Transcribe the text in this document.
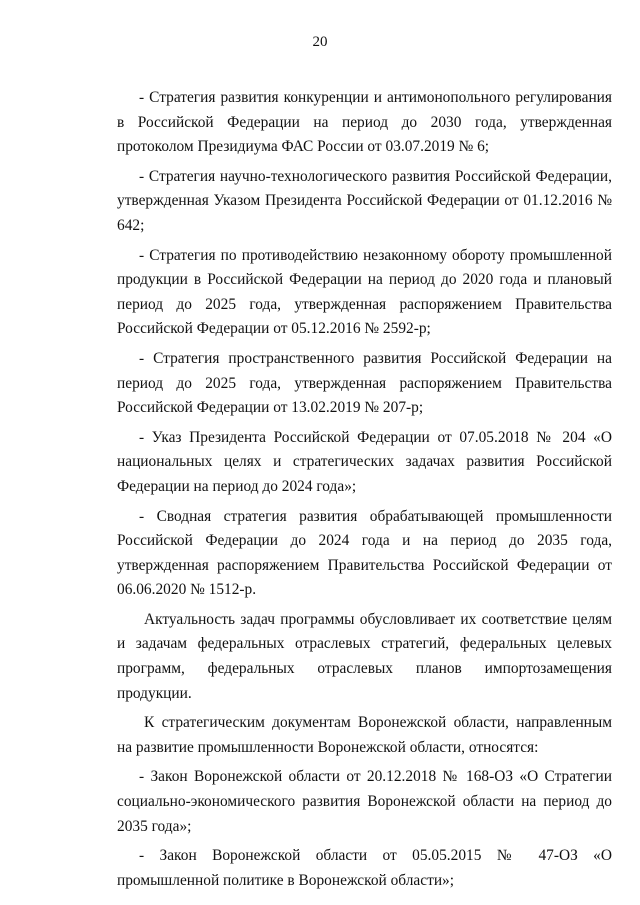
20

- Стратегия развития конкуренции и антимонопольного регулирования в Российской Федерации на период до 2030 года, утвержденная протоколом Президиума ФАС России от 03.07.2019 № 6;

- Стратегия научно-технологического развития Российской Федерации, утвержденная Указом Президента Российской Федерации от 01.12.2016 № 642;

- Стратегия по противодействию незаконному обороту промышленной продукции в Российской Федерации на период до 2020 года и плановый период до 2025 года, утвержденная распоряжением Правительства Российской Федерации от 05.12.2016 № 2592-р;

- Стратегия пространственного развития Российской Федерации на период до 2025 года, утвержденная распоряжением Правительства Российской Федерации от 13.02.2019 № 207-р;

- Указ Президента Российской Федерации от 07.05.2018 № 204 «О национальных целях и стратегических задачах развития Российской Федерации на период до 2024 года»;

- Сводная стратегия развития обрабатывающей промышленности Российской Федерации до 2024 года и на период до 2035 года, утвержденная распоряжением Правительства Российской Федерации от 06.06.2020 № 1512-р.

Актуальность задач программы обусловливает их соответствие целям и задачам федеральных отраслевых стратегий, федеральных целевых программ, федеральных отраслевых планов импортозамещения продукции.

К стратегическим документам Воронежской области, направленным на развитие промышленности Воронежской области, относятся:

- Закон Воронежской области от 20.12.2018 № 168-ОЗ «О Стратегии социально-экономического развития Воронежской области на период до 2035 года»;

- Закон Воронежской области от 05.05.2015 № 47-ОЗ «О промышленной политике в Воронежской области»;
